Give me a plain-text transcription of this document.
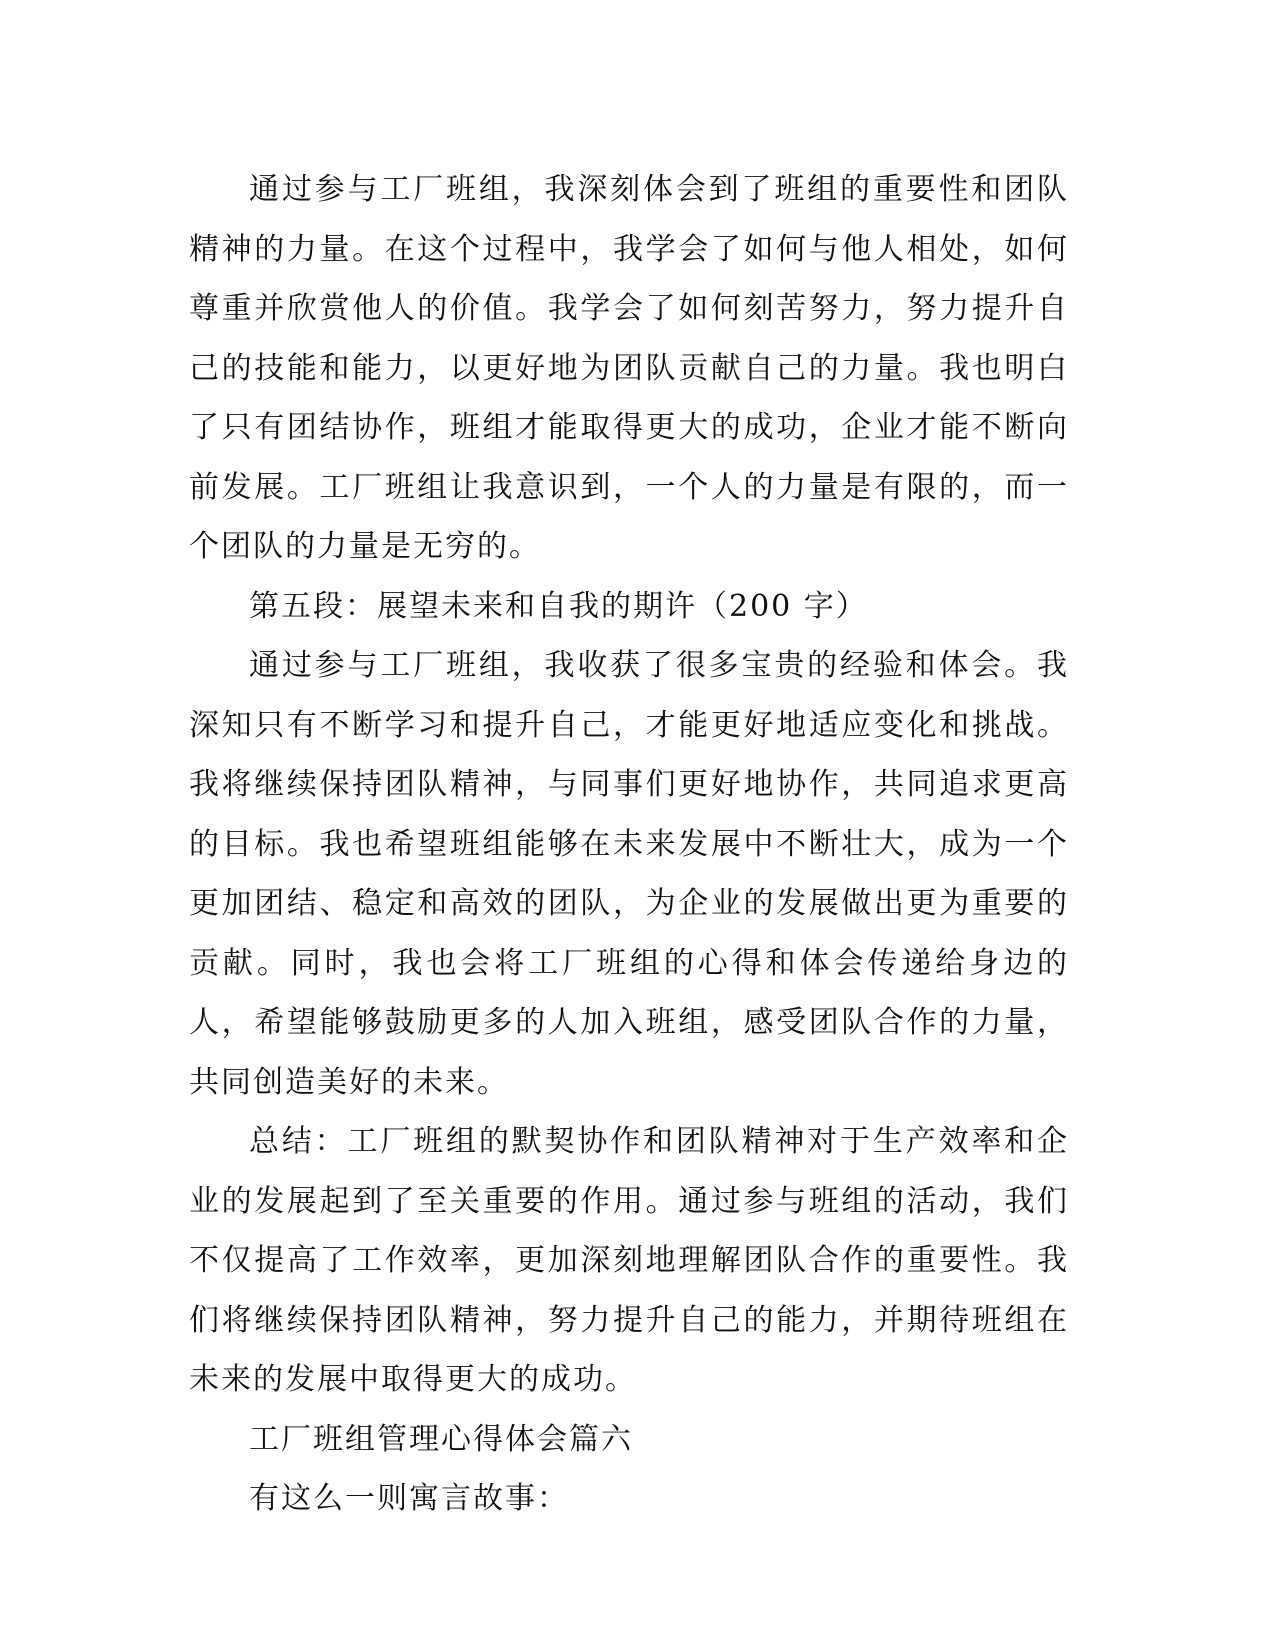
通过参与工厂班组，我深刻体会到了班组的重要性和团队精神的力量。在这个过程中，我学会了如何与他人相处，如何尊重并欣赏他人的价值。我学会了如何刻苦努力，努力提升自己的技能和能力，以更好地为团队贡献自己的力量。我也明白了只有团结协作，班组才能取得更大的成功，企业才能不断向前发展。工厂班组让我意识到，一个人的力量是有限的，而一个团队的力量是无穷的。

第五段：展望未来和自我的期许（200 字）

通过参与工厂班组，我收获了很多宝贵的经验和体会。我深知只有不断学习和提升自己，才能更好地适应变化和挑战。我将继续保持团队精神，与同事们更好地协作，共同追求更高的目标。我也希望班组能够在未来发展中不断壮大，成为一个更加团结、稳定和高效的团队，为企业的发展做出更为重要的贡献。同时，我也会将工厂班组的心得和体会传递给身边的人，希望能够鼓励更多的人加入班组，感受团队合作的力量，共同创造美好的未来。

总结：工厂班组的默契协作和团队精神对于生产效率和企业的发展起到了至关重要的作用。通过参与班组的活动，我们不仅提高了工作效率，更加深刻地理解团队合作的重要性。我们将继续保持团队精神，努力提升自己的能力，并期待班组在未来的发展中取得更大的成功。

工厂班组管理心得体会篇六

有这么一则寓言故事：
